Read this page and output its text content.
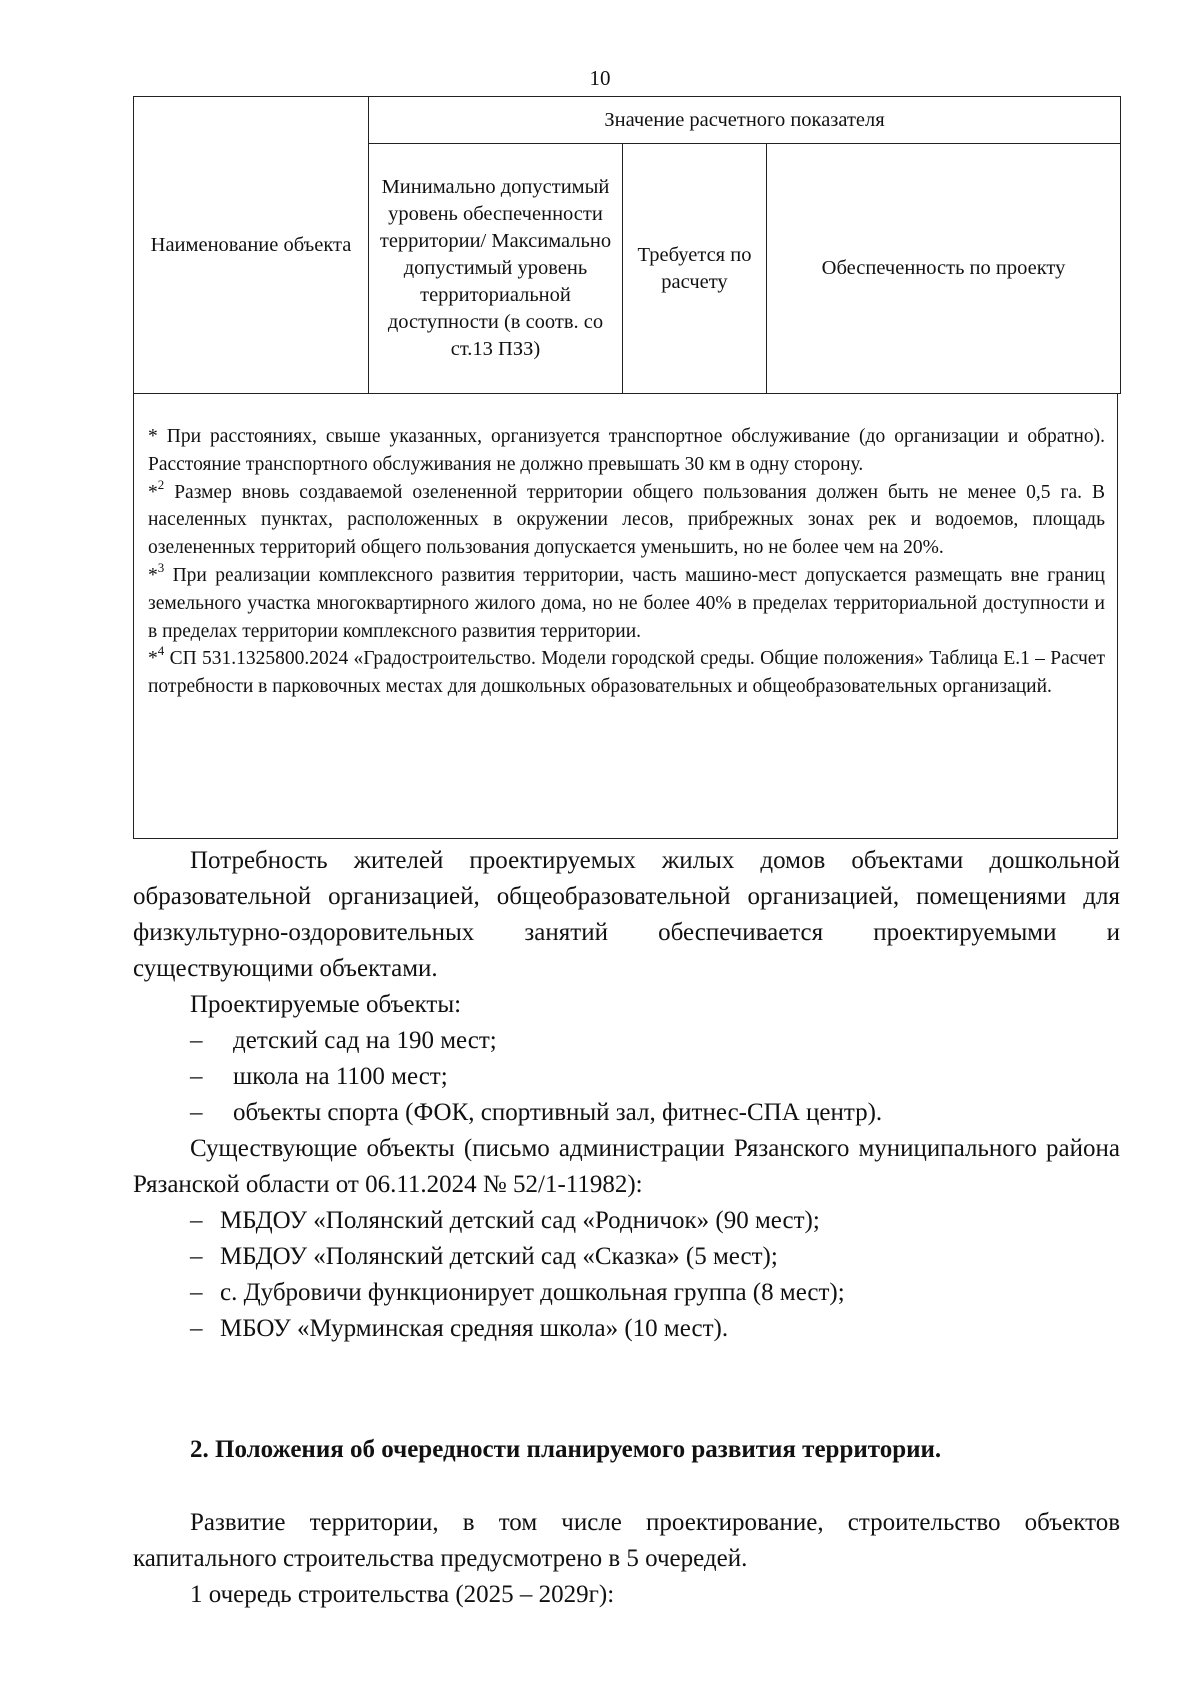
10
Наименование объекта	Значение расчетного показателя		
	Минимально допустимый уровень обеспеченности территории/ Максимально допустимый уровень территориальной доступности (в соотв. со ст.13 ПЗЗ)	Требуется по расчету	Обеспеченность по проекту

* При расстояниях, свыше указанных, организуется транспортное обслуживание (до организации и обратно). Расстояние транспортного обслуживания не должно превышать 30 км в одну сторону.

*$^2$ Размер вновь создаваемой озелененной территории общего пользования должен быть не менее 0,5 га. В населенных пунктах, расположенных в окружении лесов, прибрежных зонах рек и водоемов, площадь озелененных территорий общего пользования допускается уменьшить, но не более чем на 20%.

*$^3$ При реализации комплексного развития территории, часть машино-мест допускается размещать вне границ земельного участка многоквартирного жилого дома, но не более 40% в пределах территориальной доступности и в пределах территории комплексного развития территории.

*$^4$ СП 531.1325800.2024 «Градостроительство. Модели городской среды. Общие положения» Таблица Е.1 – Расчет потребности в парковочных местах для дошкольных образовательных и общеобразовательных организаций.

Потребность жителей проектируемых жилых домов объектами дошкольной образовательной организацией, общеобразовательной организацией, помещениями для физкультурно-оздоровительных занятий обеспечивается проектируемыми и существующими объектами.

Проектируемые объекты:

–	детский сад на 190 мест;

–	школа на 1100 мест;

–	объекты спорта (ФОК, спортивный зал, фитнес-СПА центр).

Существующие объекты (письмо администрации Рязанского муниципального района Рязанской области от 06.11.2024 № 52/1-11982):

– МБДОУ «Полянский детский сад «Родничок» (90 мест);

– МБДОУ «Полянский детский сад «Сказка» (5 мест);

– с. Дубровичи функционирует дошкольная группа (8 мест);

– МБОУ «Мурминская средняя школа» (10 мест).

2. Положения об очередности планируемого развития территории.

Развитие территории, в том числе проектирование, строительство объектов капитального строительства предусмотрено в 5 очередей.

1 очередь строительства (2025 – 2029г):
